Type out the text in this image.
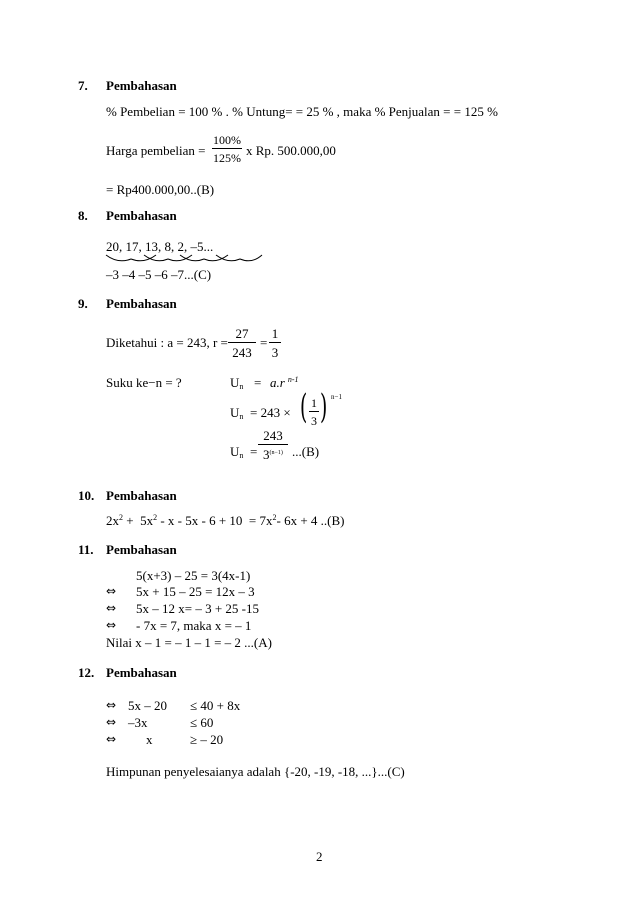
7. Pembahasan
% Pembelian = 100 % . % Untung= = 25 % , maka % Penjualan = = 125 %
Harga pembelian = $\frac{100\%}{125\%}$ x Rp. 500.000,00
= Rp400.000,00..(B)
8. Pembahasan
20, 17, 13, 8, 2, –5...
–3 –4 –5 –6 –7...(C)
9. Pembahasan
Diketahui : a = 243, $r = \frac{27}{243} = \frac{1}{3}$
Suku ke−n = ?	$U_n = a.r$ $^{n-1}$
$U_n = 243$ × ( $\frac{1}{3}$ ) n−1
$U_n = \frac{243}{3^{(n-1)}} ...(B)$
10. Pembahasan
$2x^2 + 5x^2 - x - 5x - 6 + 10 = 7x^2-$ 6x + 4 ..(B)
11. Pembahasan
5(x+3) – 25 = 3(4x-1)
⇔ 5x + 15 – 25 = 12x – 3
⇔ 5x – 12 x= – 3 + 25 -15
⇔ - 7x = 7, maka x = – 1
Nilai x – 1 = – 1 – 1 = – 2 ...(A)
12. Pembahasan
⇔ 5x – 20 ≤ 40 + 8x
⇔ –3x	≤ 60
⇔ x	≥ – 20
Himpunan penyelesaianya adalah {-20, -19, -18, ...}...(C)
2
